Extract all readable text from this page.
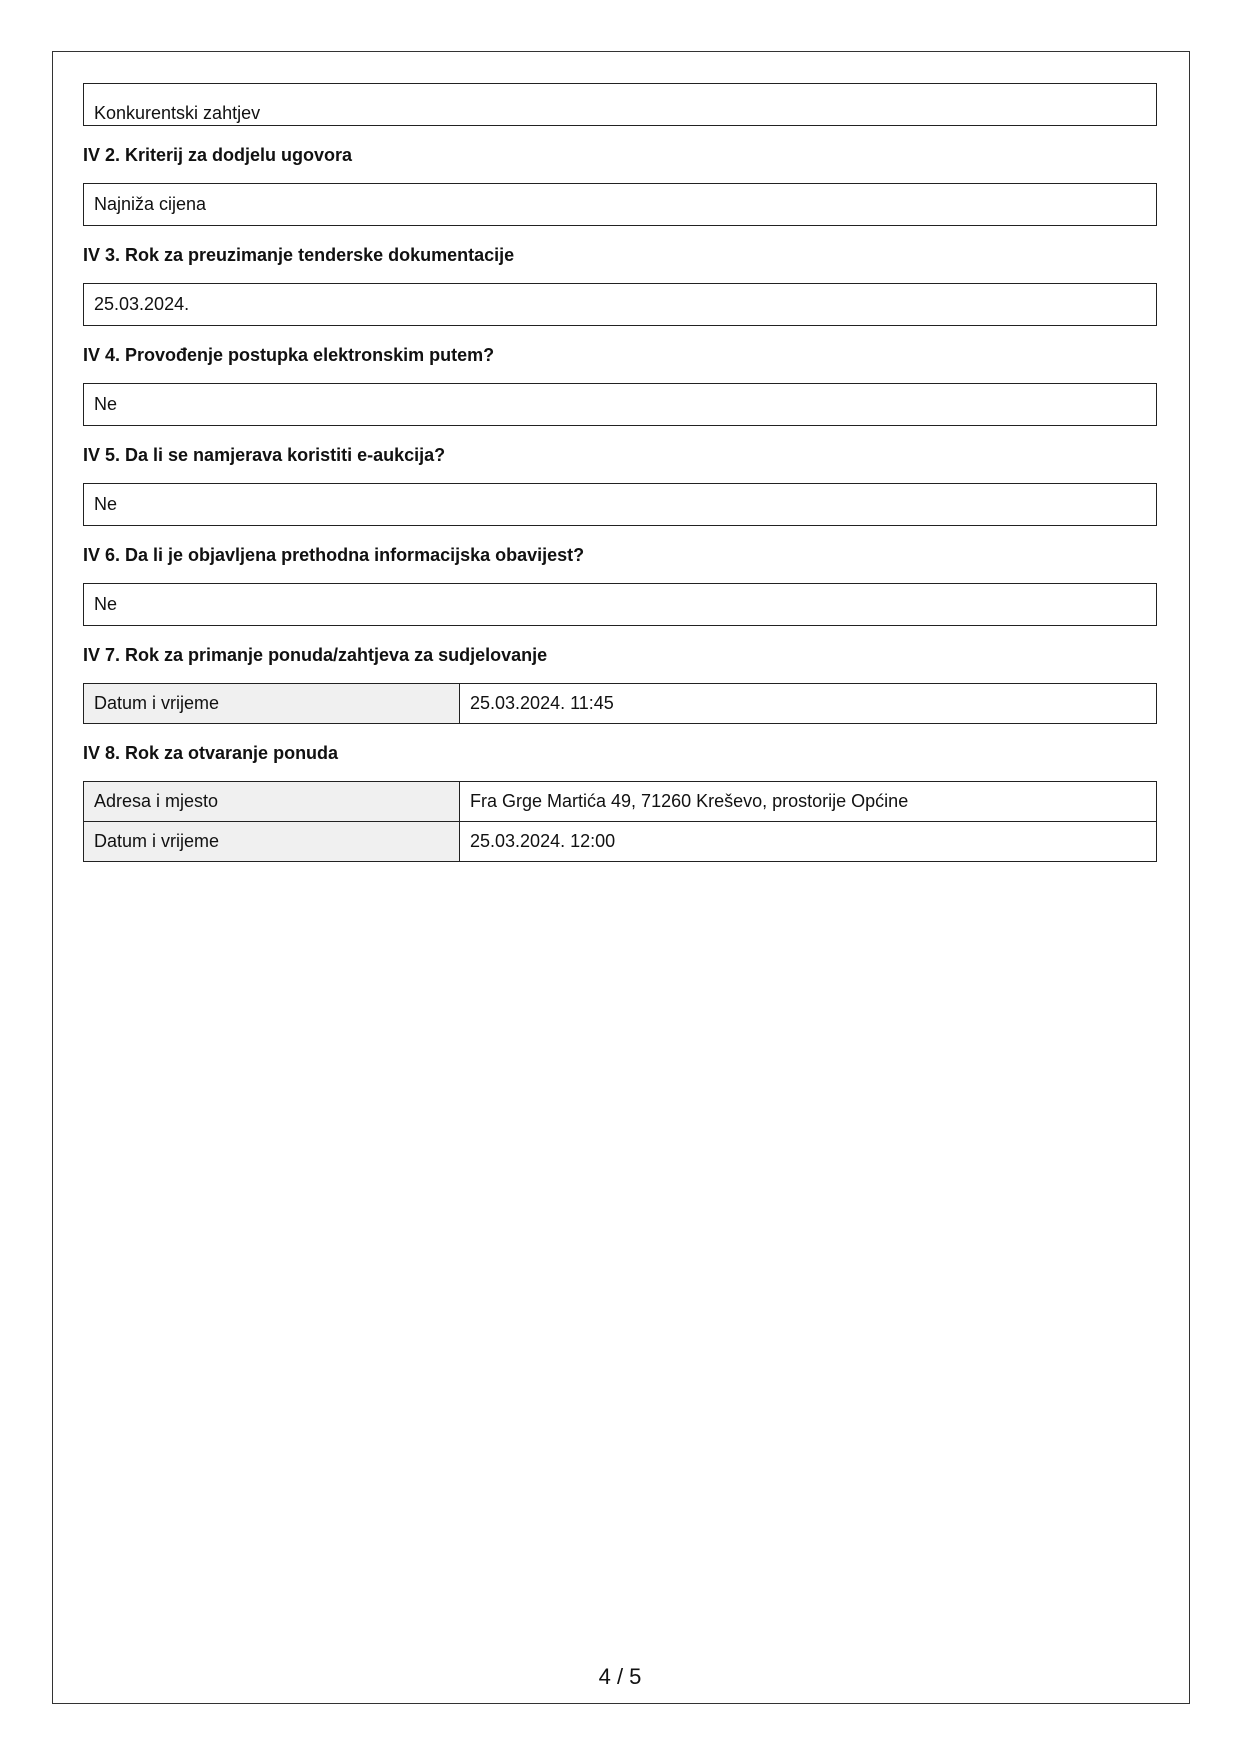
Konkurentski zahtjev
IV 2. Kriterij za dodjelu ugovora
Najniža cijena
IV 3. Rok za preuzimanje tenderske dokumentacije
25.03.2024.
IV 4. Provođenje postupka elektronskim putem?
Ne
IV 5. Da li se namjerava koristiti e-aukcija?
Ne
IV 6. Da li je objavljena prethodna informacijska obavijest?
Ne
IV 7. Rok za primanje ponuda/zahtjeva za sudjelovanje
Datum i vrijeme	25.03.2024. 11:45
IV 8. Rok za otvaranje ponuda
Adresa i mjesto	Fra Grge Martića 49, 71260 Kreševo, prostorije Općine
Datum i vrijeme	25.03.2024. 12:00
4 / 5
